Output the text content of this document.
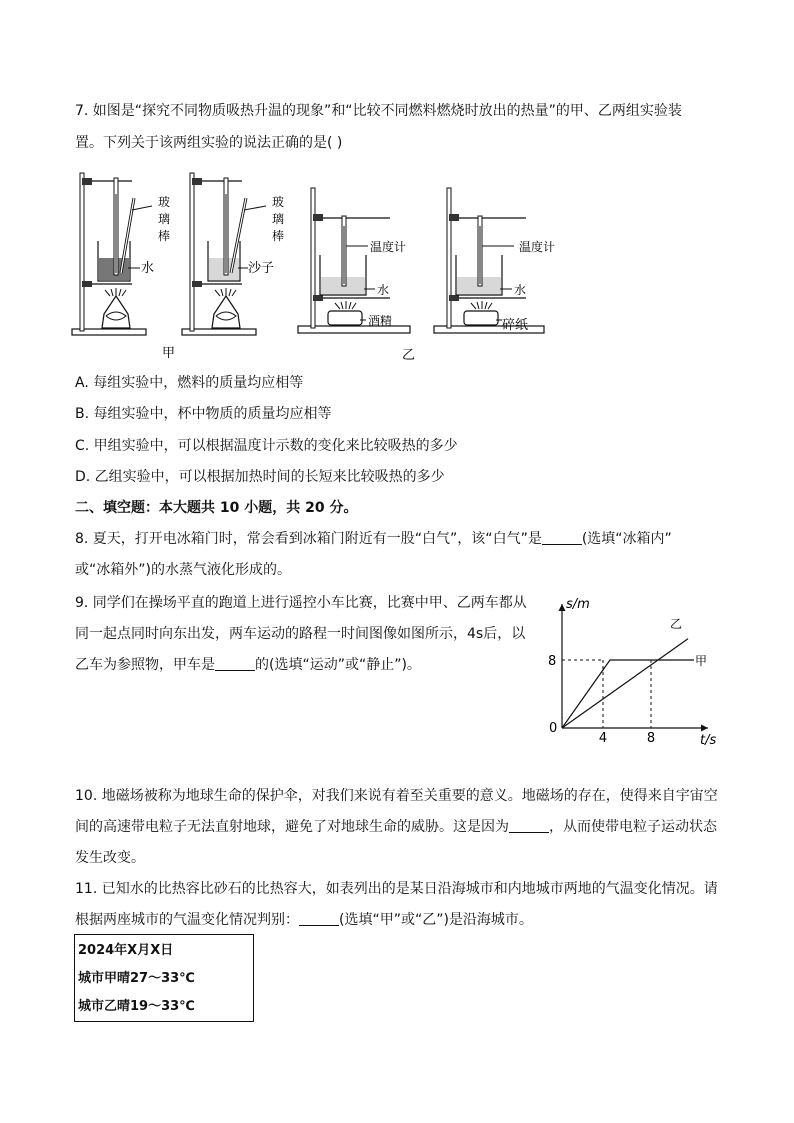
7. 如图是“探究不同物质吸热升温的现象”和“比较不同燃料燃烧时放出的热量”的甲、乙两组实验装
置。下列关于该两组实验的说法正确的是( )
玻
璃
棒
水
玻
璃
棒
沙子
甲
温度计
水
酒精
乙
温度计
水
碎纸
A. 每组实验中，燃料的质量均应相等
B. 每组实验中，杯中物质的质量均应相等
C. 甲组实验中，可以根据温度计示数的变化来比较吸热的多少
D. 乙组实验中，可以根据加热时间的长短来比较吸热的多少
二、填空题：本大题共 10 小题，共 20 分。
8. 夏天，打开电冰箱门时，常会看到冰箱门附近有一股“白气”，该“白气”是	(选填“冰箱内”
或“冰箱外”)的水蒸气液化形成的。
9. 同学们在操场平直的跑道上进行遥控小车比赛，比赛中甲、乙两车都从
同一起点同时向东出发，两车运动的路程一时间图像如图所示，4s后，以
乙车为参照物，甲车是	的(选填“运动”或“静止”)。
s/m
t/s
0
4	8
8	甲
乙
10. 地磁场被称为地球生命的保护伞，对我们来说有着至关重要的意义。地磁场的存在，使得来自宇宙空
间的高速带电粒子无法直射地球，避免了对地球生命的威胁。这是因为	，从而使带电粒子运动状态
发生改变。
11. 已知水的比热容比砂石的比热容大，如表列出的是某日沿海城市和内地城市两地的气温变化情况。请
根据两座城市的气温变化情况判别：	(选填“甲”或“乙”)是沿海城市。
2024年X月X日
城市甲晴27～33℃
城市乙晴19～33℃
